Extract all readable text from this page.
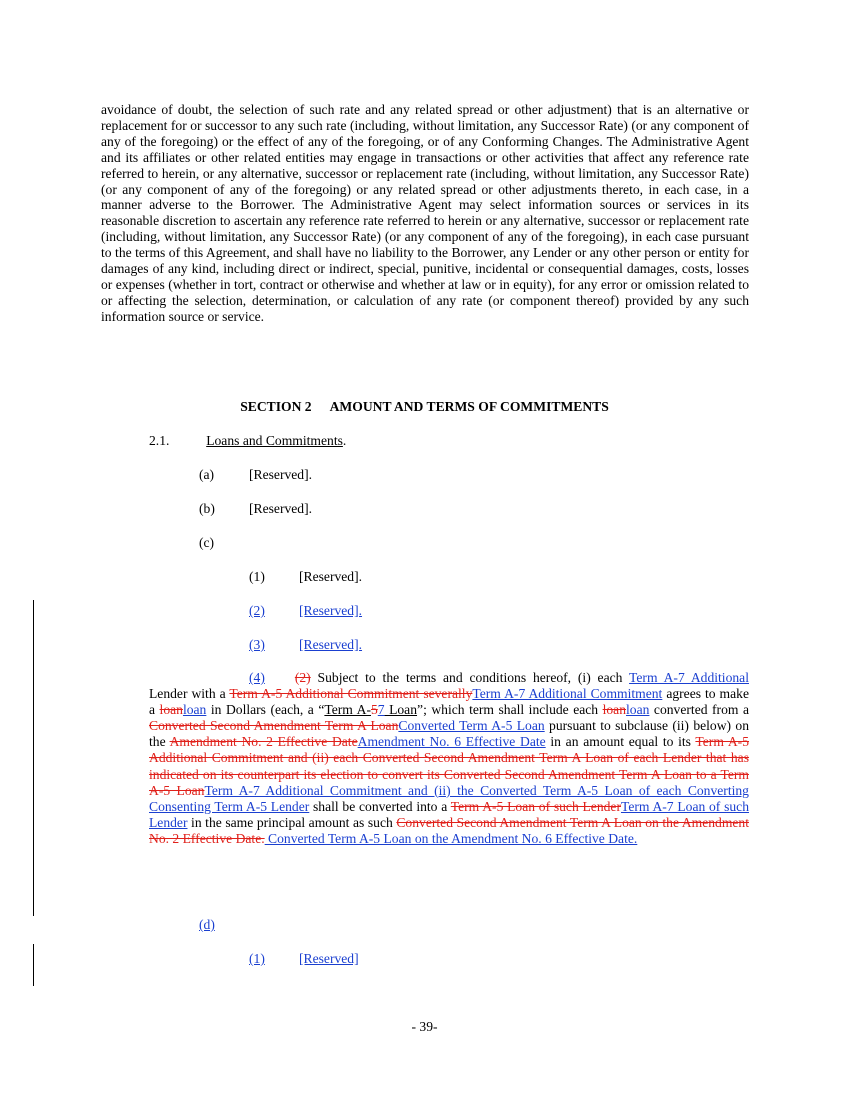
avoidance of doubt, the selection of such rate and any related spread or other adjustment) that is an alternative or replacement for or successor to any such rate (including, without limitation, any Successor Rate) (or any component of any of the foregoing) or the effect of any of the foregoing, or of any Conforming Changes. The Administrative Agent and its affiliates or other related entities may engage in transactions or other activities that affect any reference rate referred to herein, or any alternative, successor or replacement rate (including, without limitation, any Successor Rate) (or any component of any of the foregoing) or any related spread or other adjustments thereto, in each case, in a manner adverse to the Borrower. The Administrative Agent may select information sources or services in its reasonable discretion to ascertain any reference rate referred to herein or any alternative, successor or replacement rate (including, without limitation, any Successor Rate) (or any component of any of the foregoing), in each case pursuant to the terms of this Agreement, and shall have no liability to the Borrower, any Lender or any other person or entity for damages of any kind, including direct or indirect, special, punitive, incidental or consequential damages, costs, losses or expenses (whether in tort, contract or otherwise and whether at law or in equity), for any error or omission related to or affecting the selection, determination, or calculation of any rate (or component thereof) provided by any such information source or service.
SECTION 2 AMOUNT AND TERMS OF COMMITMENTS
2.1.	Loans and Commitments.
(a)	[Reserved].
(b)	[Reserved].
(c)
(1)	[Reserved].
(2)	[Reserved].
(3)	[Reserved].
(4) (2) Subject to the terms and conditions hereof, (i) each Term A-7 Additional Lender with a Term A-5 Additional Commitment severallyTerm A-7 Additional Commitment agrees to make a loanloan in Dollars (each, a “Term A-57 Loan”; which term shall include each loanloan converted from a Converted Second Amendment Term A LoanConverted Term A-5 Loan pursuant to subclause (ii) below) on the Amendment No. 2 Effective DateAmendment No. 6 Effective Date in an amount equal to its Term A-5 Additional Commitment and (ii) each Converted Second Amendment Term A Loan of each Lender that has indicated on its counterpart its election to convert its Converted Second Amendment Term A Loan to a Term A-5 LoanTerm A-7 Additional Commitment and (ii) the Converted Term A-5 Loan of each Converting Consenting Term A-5 Lender shall be converted into a Term A-5 Loan of such LenderTerm A-7 Loan of such Lender in the same principal amount as such Converted Second Amendment Term A Loan on the Amendment No. 2 Effective Date. Converted Term A-5 Loan on the Amendment No. 6 Effective Date.
(d)
(1)	[Reserved]
- 39-
